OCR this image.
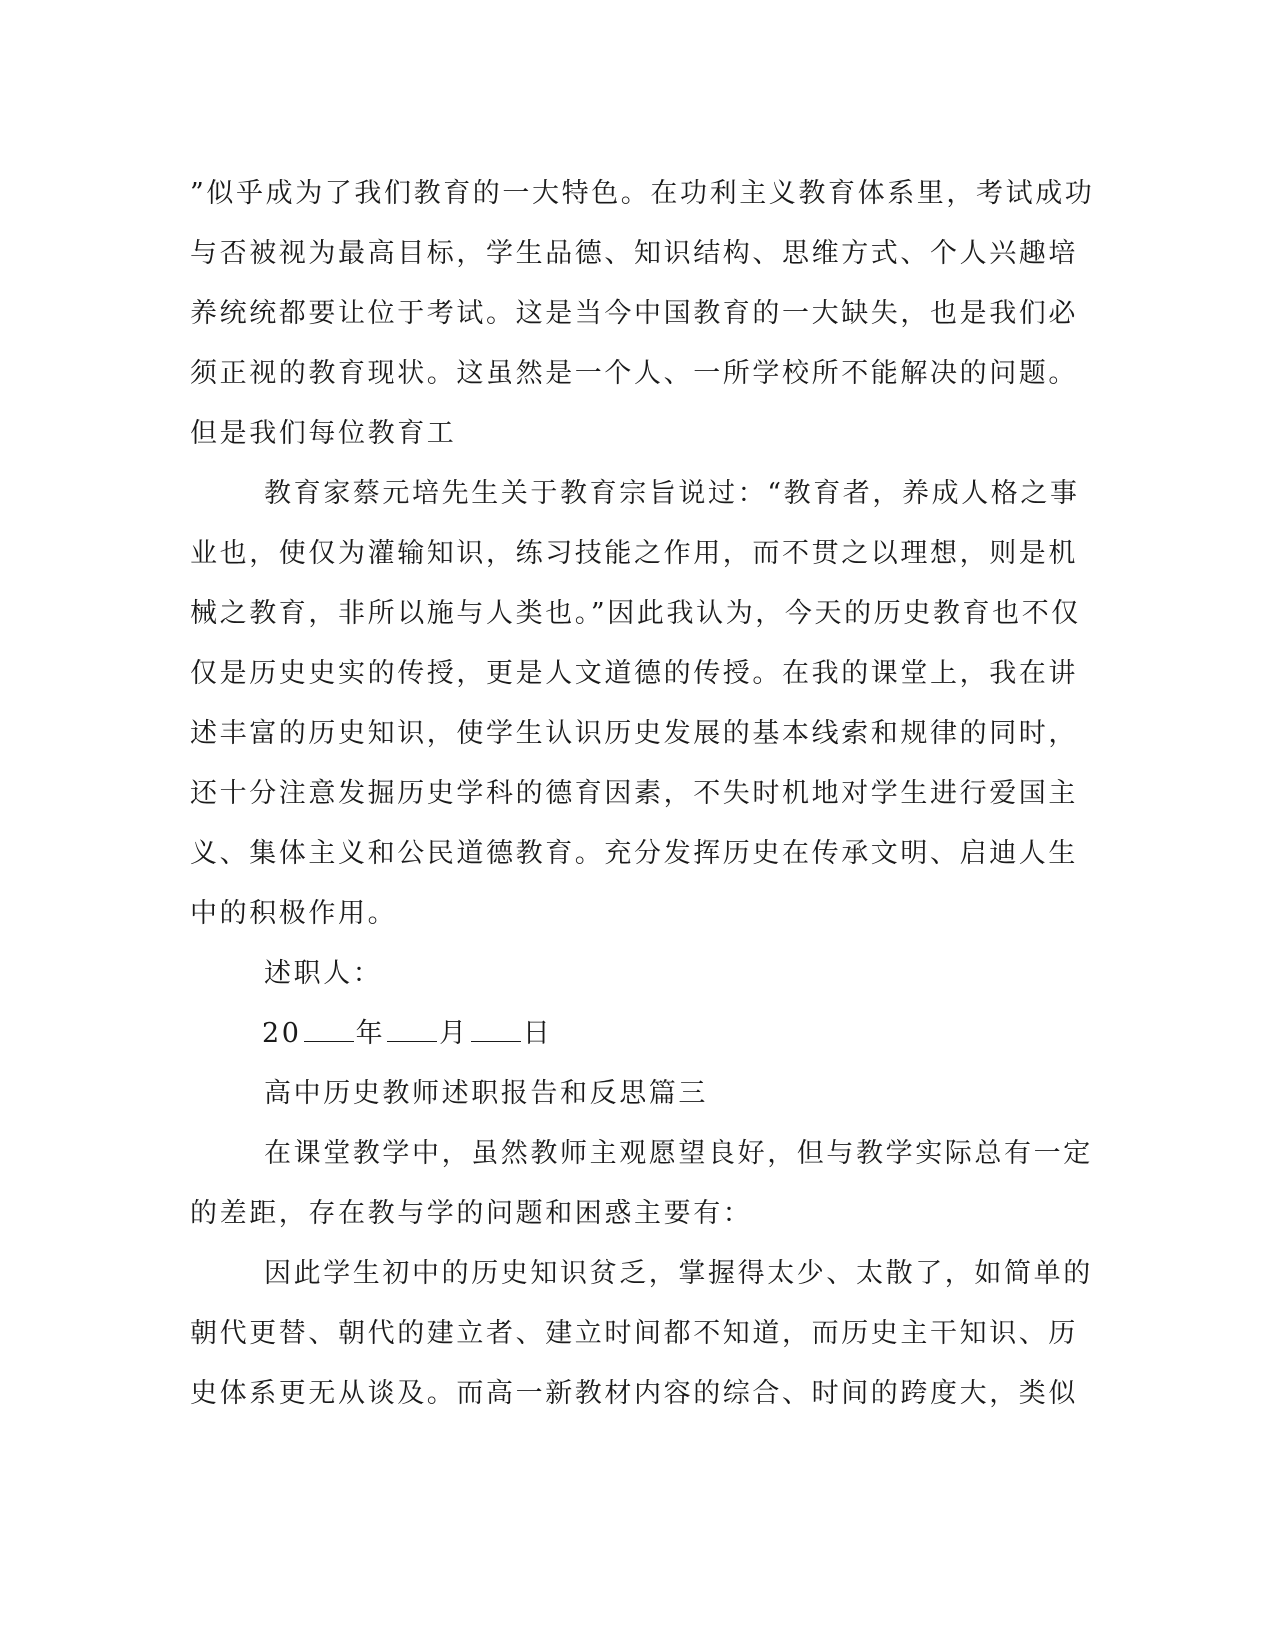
”似乎成为了我们教育的一大特色。在功利主义教育体系里，考试成功
与否被视为最高目标，学生品德、知识结构、思维方式、个人兴趣培
养统统都要让位于考试。这是当今中国教育的一大缺失，也是我们必
须正视的教育现状。这虽然是一个人、一所学校所不能解决的问题。
但是我们每位教育工
教育家蔡元培先生关于教育宗旨说过：“教育者，养成人格之事
业也，使仅为灌输知识，练习技能之作用，而不贯之以理想，则是机
械之教育，非所以施与人类也。”因此我认为，今天的历史教育也不仅
仅是历史史实的传授，更是人文道德的传授。在我的课堂上，我在讲
述丰富的历史知识，使学生认识历史发展的基本线索和规律的同时，
还十分注意发掘历史学科的德育因素，不失时机地对学生进行爱国主
义、集体主义和公民道德教育。充分发挥历史在传承文明、启迪人生
中的积极作用。
述职人：
20 年 月 日
高中历史教师述职报告和反思篇三
在课堂教学中，虽然教师主观愿望良好，但与教学实际总有一定
的差距，存在教与学的问题和困惑主要有：
因此学生初中的历史知识贫乏，掌握得太少、太散了，如简单的
朝代更替、朝代的建立者、建立时间都不知道，而历史主干知识、历
史体系更无从谈及。而高一新教材内容的综合、时间的跨度大，类似
